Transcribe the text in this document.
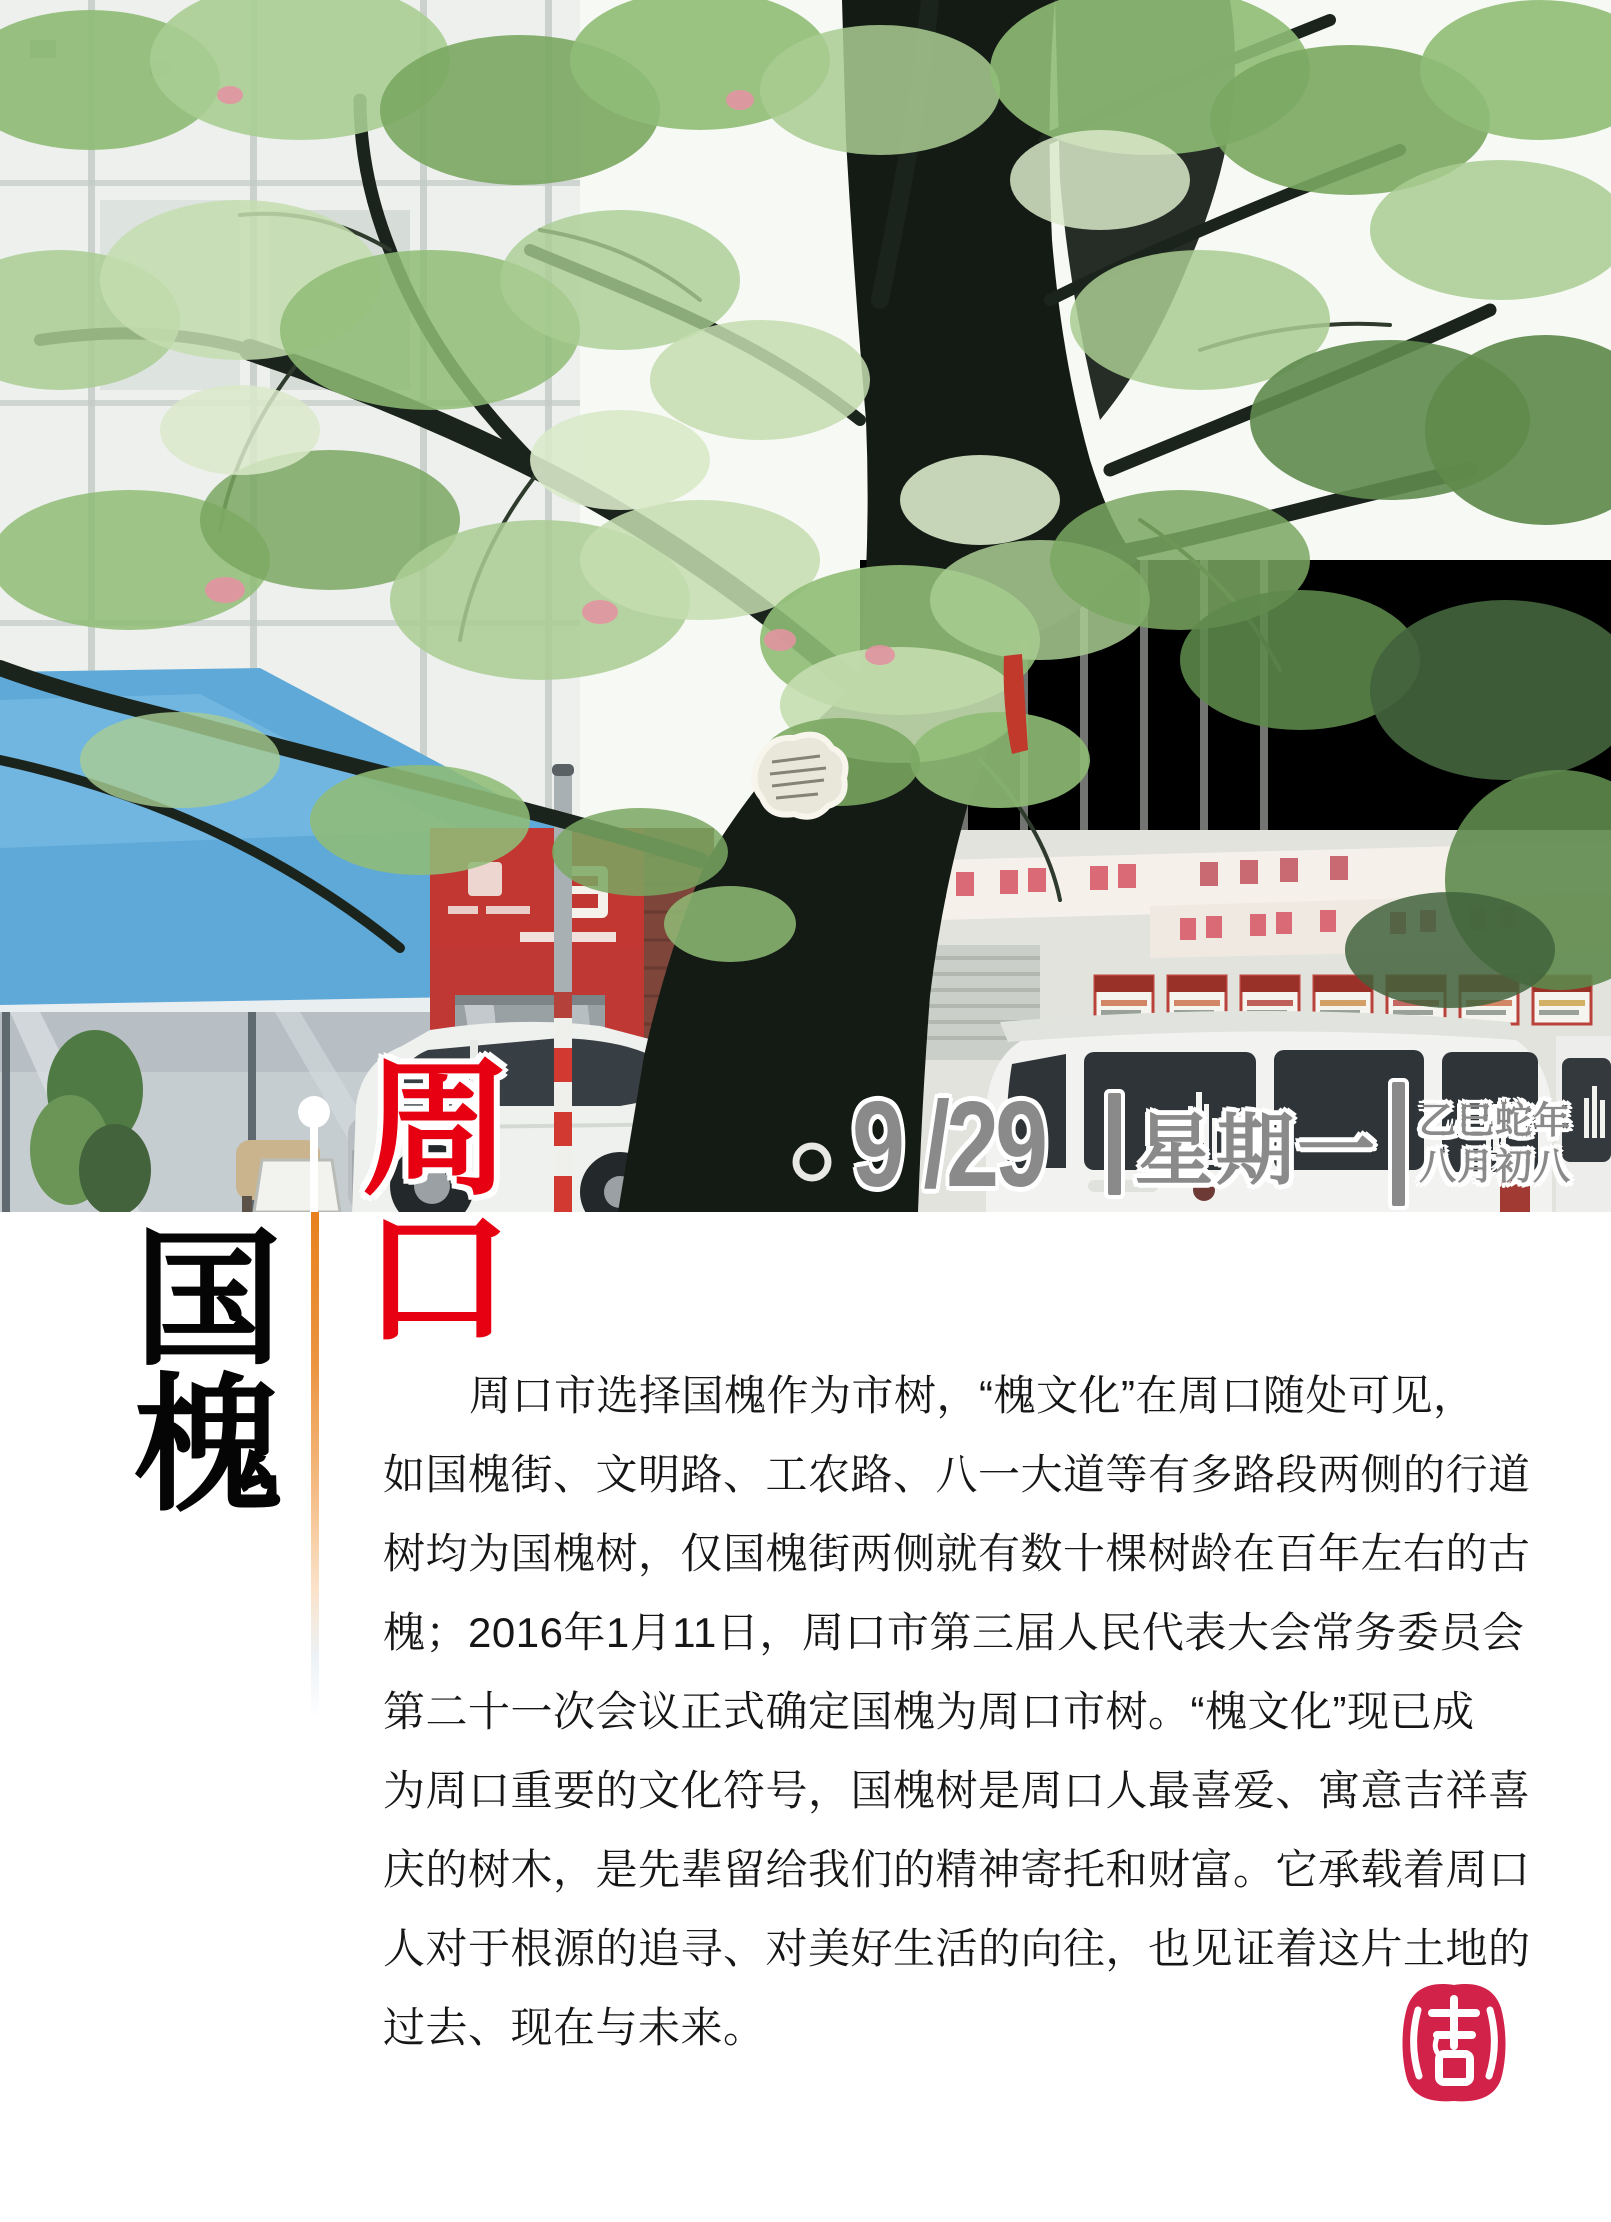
9 /29	星期一 乙巳蛇年
八月初八
周
口
国
槐	周口市选择国槐作为市树，“槐文化”在周口随处可见，
如国槐街、文明路、工农路、八一大道等有多路段两侧的行道
树均为国槐树，仅国槐街两侧就有数十棵树龄在百年左右的古
槐；2016年1月11日，周口市第三届人民代表大会常务委员会
第二十一次会议正式确定国槐为周口市树。“槐文化”现已成
为周口重要的文化符号，国槐树是周口人最喜爱、寓意吉祥喜
庆的树木，是先辈留给我们的精神寄托和财富。它承载着周口
人对于根源的追寻、对美好生活的向往，也见证着这片土地的
过去、现在与未来。
